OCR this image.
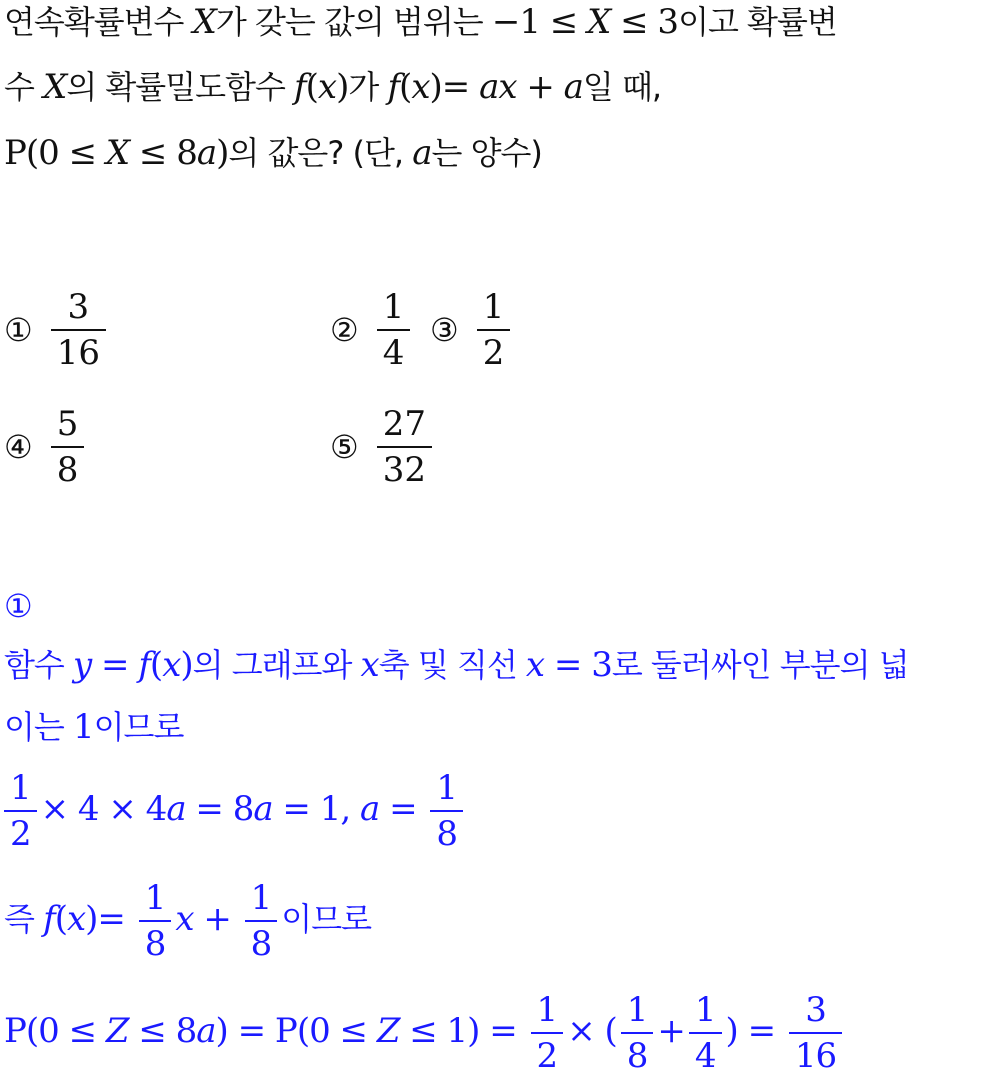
연속확률변수 X가 갖는 값의 범위는 −1 ≤ X ≤ 3이고 확률변
수 X의 확률밀도함수 f(x)가 f(x)= ax + a일 때,
P(0 ≤ X ≤ 8a)의 값은? (단, a는 양수)
① $\frac{3}{16}$	② $\frac{1}{4}$ ③ $\frac{1}{2}$
④ $\frac{5}{8}$	⑤ $\frac{27}{32}$
①
함수 y = f(x)의 그래프와 x축 및 직선 x = 3로 둘러싸인 부분의 넓
이는 1이므로
$\frac{1}{2} \times 4 \times 4a = 8a = 1$, $a = \frac{1}{8}$
즉 $f(x)= \frac{1}{8}$ $x + \frac{1}{8}$ 이므로
$P(0 \le Z \le 8a) = P(0 \le Z \le 1) = \frac{1}{2}$ × ( $\frac{1}{8} + \frac{1}{4}$ ) = $\frac{3}{16}$
